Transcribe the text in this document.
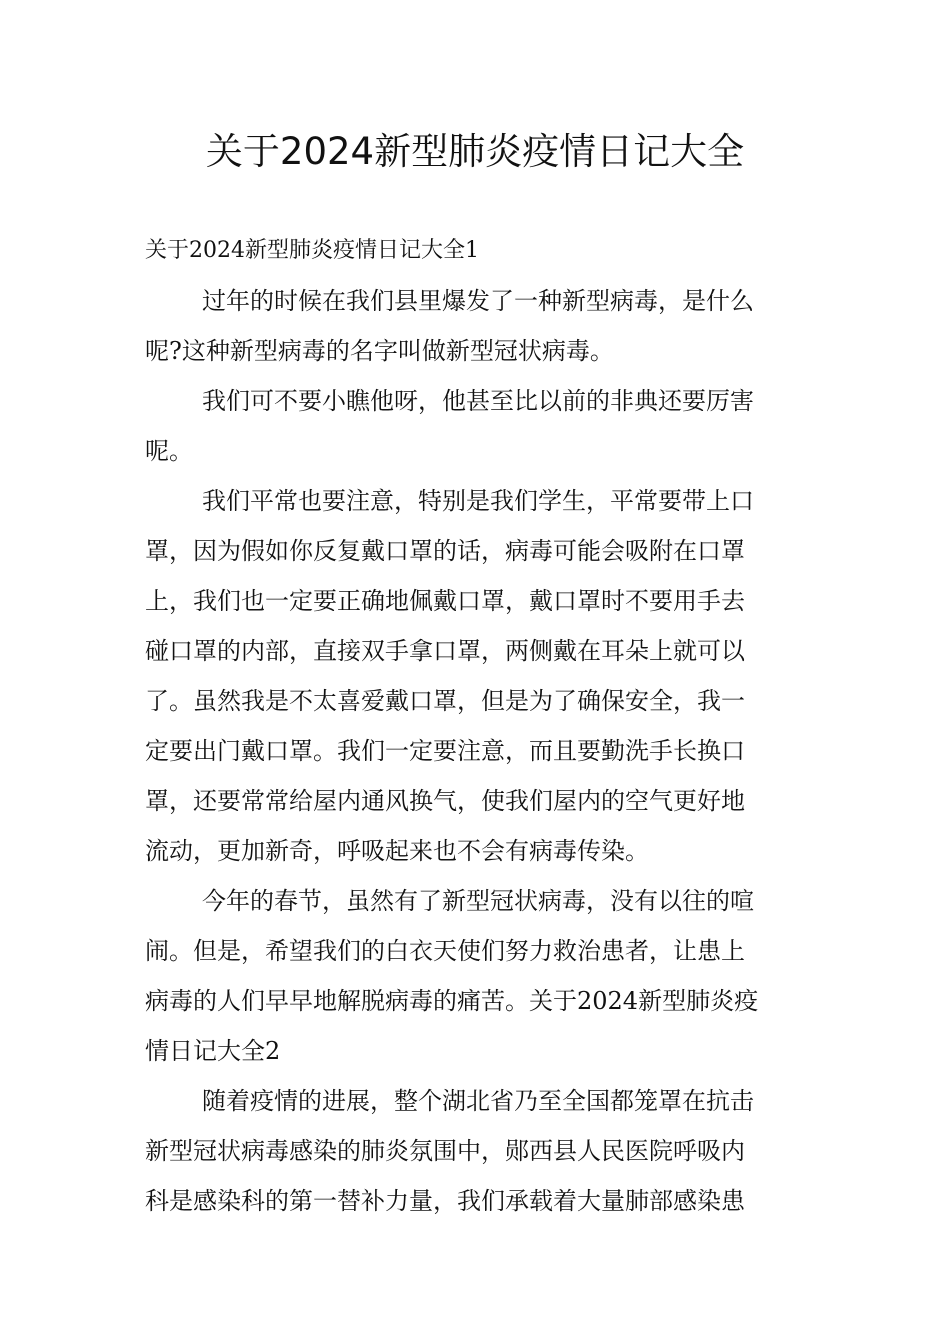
关于2024新型肺炎疫情日记大全
关于2024新型肺炎疫情日记大全1
过年的时候在我们县里爆发了一种新型病毒，是什么
呢?这种新型病毒的名字叫做新型冠状病毒。
我们可不要小瞧他呀，他甚至比以前的非典还要厉害
呢。
我们平常也要注意，特别是我们学生，平常要带上口
罩，因为假如你反复戴口罩的话，病毒可能会吸附在口罩
上，我们也一定要正确地佩戴口罩，戴口罩时不要用手去
碰口罩的内部，直接双手拿口罩，两侧戴在耳朵上就可以
了。虽然我是不太喜爱戴口罩，但是为了确保安全，我一
定要出门戴口罩。我们一定要注意，而且要勤洗手长换口
罩，还要常常给屋内通风换气，使我们屋内的空气更好地
流动，更加新奇，呼吸起来也不会有病毒传染。
今年的春节，虽然有了新型冠状病毒，没有以往的喧
闹。但是，希望我们的白衣天使们努力救治患者，让患上
病毒的人们早早地解脱病毒的痛苦。关于2024新型肺炎疫
情日记大全2
随着疫情的进展，整个湖北省乃至全国都笼罩在抗击
新型冠状病毒感染的肺炎氛围中，郧西县人民医院呼吸内
科是感染科的第一替补力量，我们承载着大量肺部感染患
